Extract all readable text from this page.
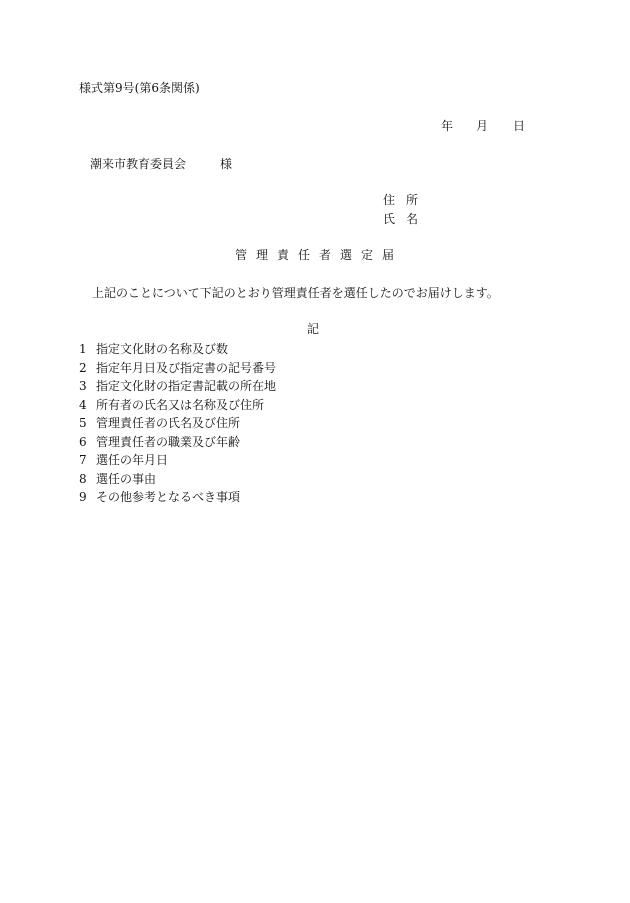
様式第9号(第6条関係)
年 月 日
潮来市教育委員会	様
住 所
氏 名
管理責任者選定届
上記のことについて下記のとおり管理責任者を選任したのでお届けします。
記
1 指定文化財の名称及び数
2 指定年月日及び指定書の記号番号
3 指定文化財の指定書記載の所在地
4 所有者の氏名又は名称及び住所
5 管理責任者の氏名及び住所
6 管理責任者の職業及び年齢
7 選任の年月日
8 選任の事由
9 その他参考となるべき事項
